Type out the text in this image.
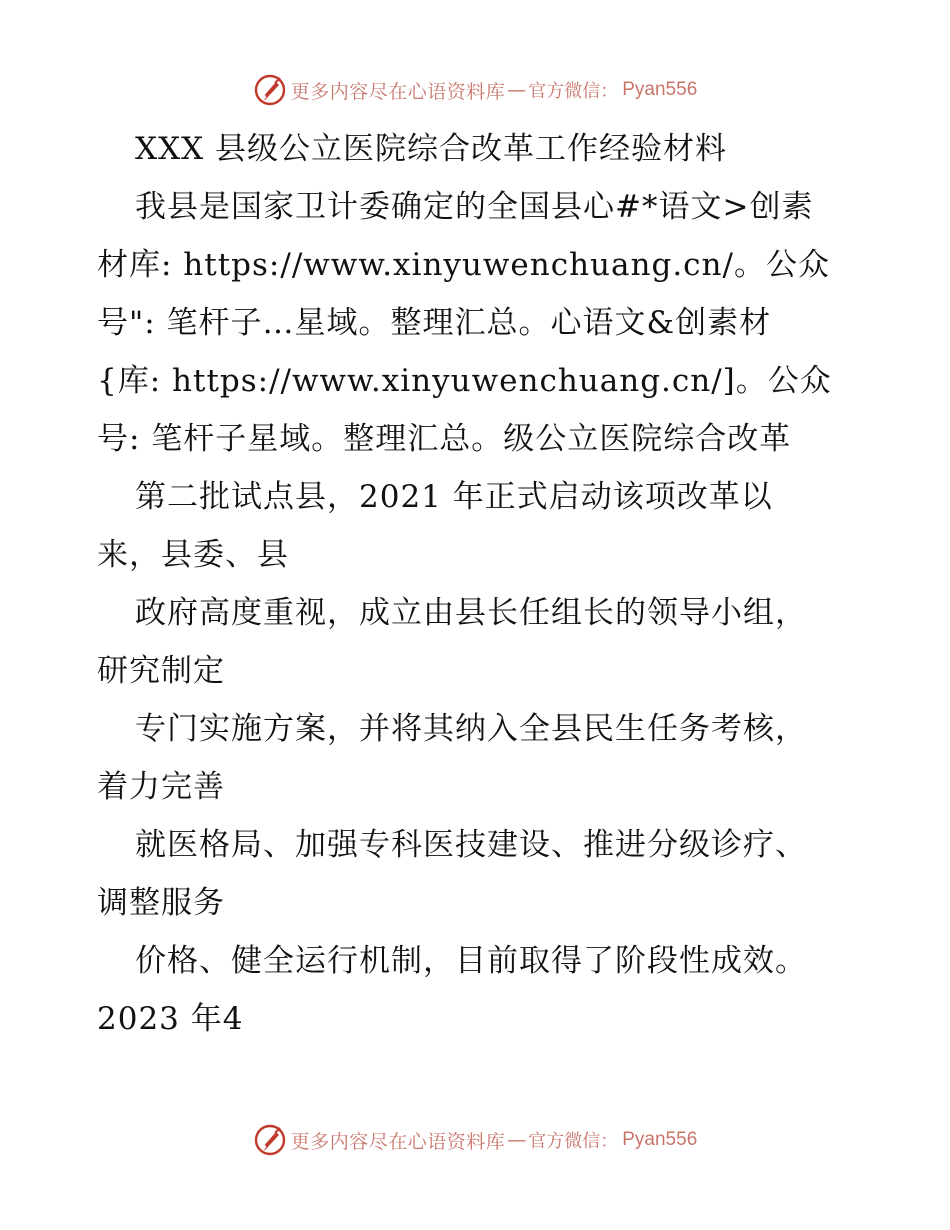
更多内容尽在心语资料库 — 官方微信： Pyan556
XXX 县级公立医院综合改革工作经验材料
我县是国家卫计委确定的全国县心#*语文>创素
材库: https://www.xinyuwenchuang.cn/。公众
号": 笔杆子…星域。整理汇总。心语文&创素材
{库: https://www.xinyuwenchuang.cn/]。公众
号: 笔杆子星域。整理汇总。级公立医院综合改革
第二批试点县，2021 年正式启动该项改革以
来，县委、县
政府高度重视，成立由县长任组长的领导小组，
研究制定
专门实施方案，并将其纳入全县民生任务考核，
着力完善
就医格局、加强专科医技建设、推进分级诊疗、
调整服务
价格、健全运行机制，目前取得了阶段性成效。
2023 年4
更多内容尽在心语资料库 — 官方微信： Pyan556
